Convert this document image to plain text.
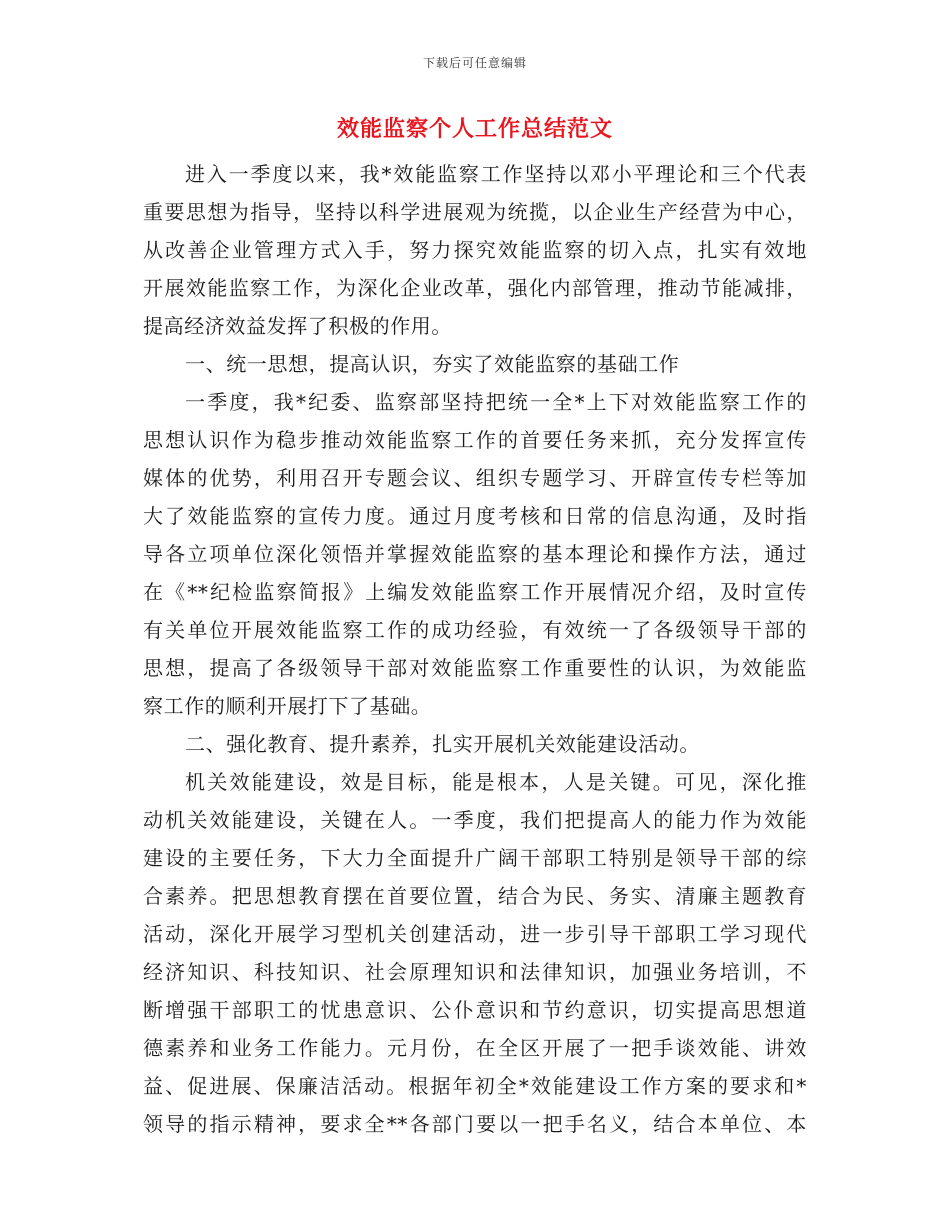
下载后可任意编辑
效能监察个人工作总结范文
进入一季度以来，我*效能监察工作坚持以邓小平理论和三个代表
重要思想为指导，坚持以科学进展观为统揽，以企业生产经营为中心，
从改善企业管理方式入手，努力探究效能监察的切入点，扎实有效地
开展效能监察工作，为深化企业改革，强化内部管理，推动节能减排，
提高经济效益发挥了积极的作用。
一、统一思想，提高认识，夯实了效能监察的基础工作
一季度，我*纪委、监察部坚持把统一全*上下对效能监察工作的
思想认识作为稳步推动效能监察工作的首要任务来抓，充分发挥宣传
媒体的优势，利用召开专题会议、组织专题学习、开辟宣传专栏等加
大了效能监察的宣传力度。通过月度考核和日常的信息沟通，及时指
导各立项单位深化领悟并掌握效能监察的基本理论和操作方法，通过
在《**纪检监察简报》上编发效能监察工作开展情况介绍，及时宣传
有关单位开展效能监察工作的成功经验，有效统一了各级领导干部的
思想，提高了各级领导干部对效能监察工作重要性的认识，为效能监
察工作的顺利开展打下了基础。
二、强化教育、提升素养，扎实开展机关效能建设活动。
机关效能建设，效是目标，能是根本，人是关键。可见，深化推
动机关效能建设，关键在人。一季度，我们把提高人的能力作为效能
建设的主要任务，下大力全面提升广阔干部职工特别是领导干部的综
合素养。把思想教育摆在首要位置，结合为民、务实、清廉主题教育
活动，深化开展学习型机关创建活动，进一步引导干部职工学习现代
经济知识、科技知识、社会原理知识和法律知识，加强业务培训，不
断增强干部职工的忧患意识、公仆意识和节约意识，切实提高思想道
德素养和业务工作能力。元月份，在全区开展了一把手谈效能、讲效
益、促进展、保廉洁活动。根据年初全*效能建设工作方案的要求和*
领导的指示精神，要求全**各部门要以一把手名义，结合本单位、本
